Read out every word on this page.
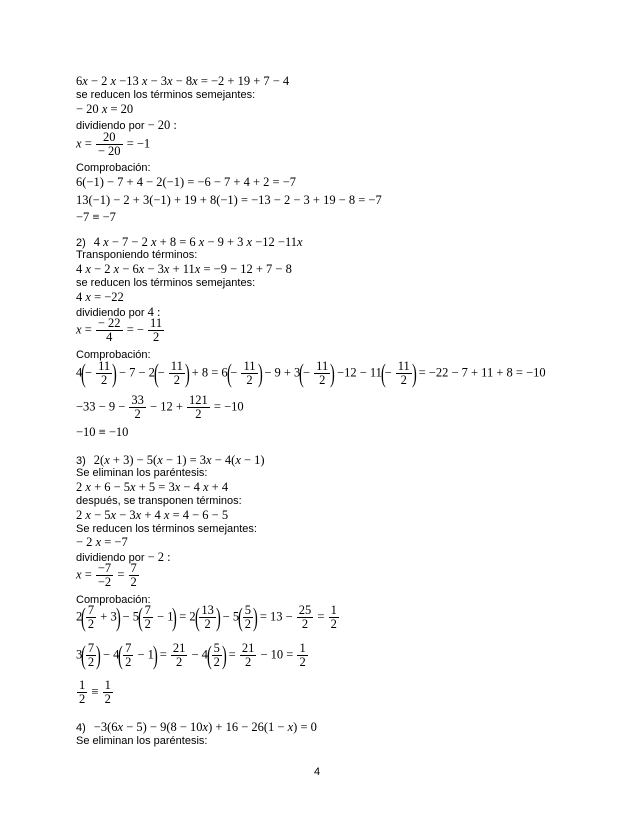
6x − 2 x −13 x − 3x − 8x = −2 + 19 + 7 − 4
se reducen los términos semejantes:
− 20 x = 20
dividiendo por − 20 :
$x = \frac{20}{- 20} = -1$
Comprobación:
6(−1) − 7 + 4 − 2(−1) = −6 − 7 + 4 + 2 = −7
13(−1) − 2 + 3(−1) + 19 + 8(−1) = −13 − 2 − 3 + 19 − 8 = −7
−7 ≡ −7
2) 4 x − 7 − 2 x + 8 = 6 x − 9 + 3 x −12 −11x
Transponiendo términos:
4 x − 2 x − 6x − 3x + 11x = −9 − 12 + 7 − 8
se reducen los términos semejantes:
4 x = −22
dividiendo por 4 :
$x = \frac{- 22}{4}$ = − $\frac{11}{2}$
Comprobación:
$4(- \frac{11}{2}$ ) − $7 - 2(- \frac{11}{2}$ ) + $8 = 6(- \frac{11}{2}$ ) − $9 + 3(- \frac{11}{2}$ ) $-12 - 11(- \frac{11}{2}$ ) = −22 − 7 + 11 + 8 = −10
$-33 - 9 - \frac{33}{2} - 12 + \frac{121}{2} = -10$
−10 ≡ −10
3) 2(x + 3) − 5(x − 1) = 3x − 4(x − 1)
Se eliminan los paréntesis:
2 x + 6 − 5x + 5 = 3x − 4 x + 4
después, se transponen términos:
2 x − 5x − 3x + 4 x = 4 − 6 − 5
Se reducen los términos semejantes:
− 2 x = −7
dividiendo por − 2 :
$x = \frac{-7}{-2} = \frac{7}{2}$
Comprobación:
$2( \frac{7}{2} + 3) - 5( \frac{7}{2} - 1) = 2( \frac{13}{2}$ ) − $5( \frac{5}{2}$ ) = $13 - \frac{25}{2} = \frac{1}{2}$
$3( \frac{7}{2}$ ) − $4( \frac{7}{2} - 1) = \frac{21}{2} - 4( \frac{5}{2}$ ) = $\frac{21}{2} - 10 = \frac{1}{2}$
$\frac{1}{2} \equiv \frac{1}{2}$
4) −3(6x − 5) − 9(8 − 10x) + 16 − 26(1 − x) = 0
Se eliminan los paréntesis:
4
